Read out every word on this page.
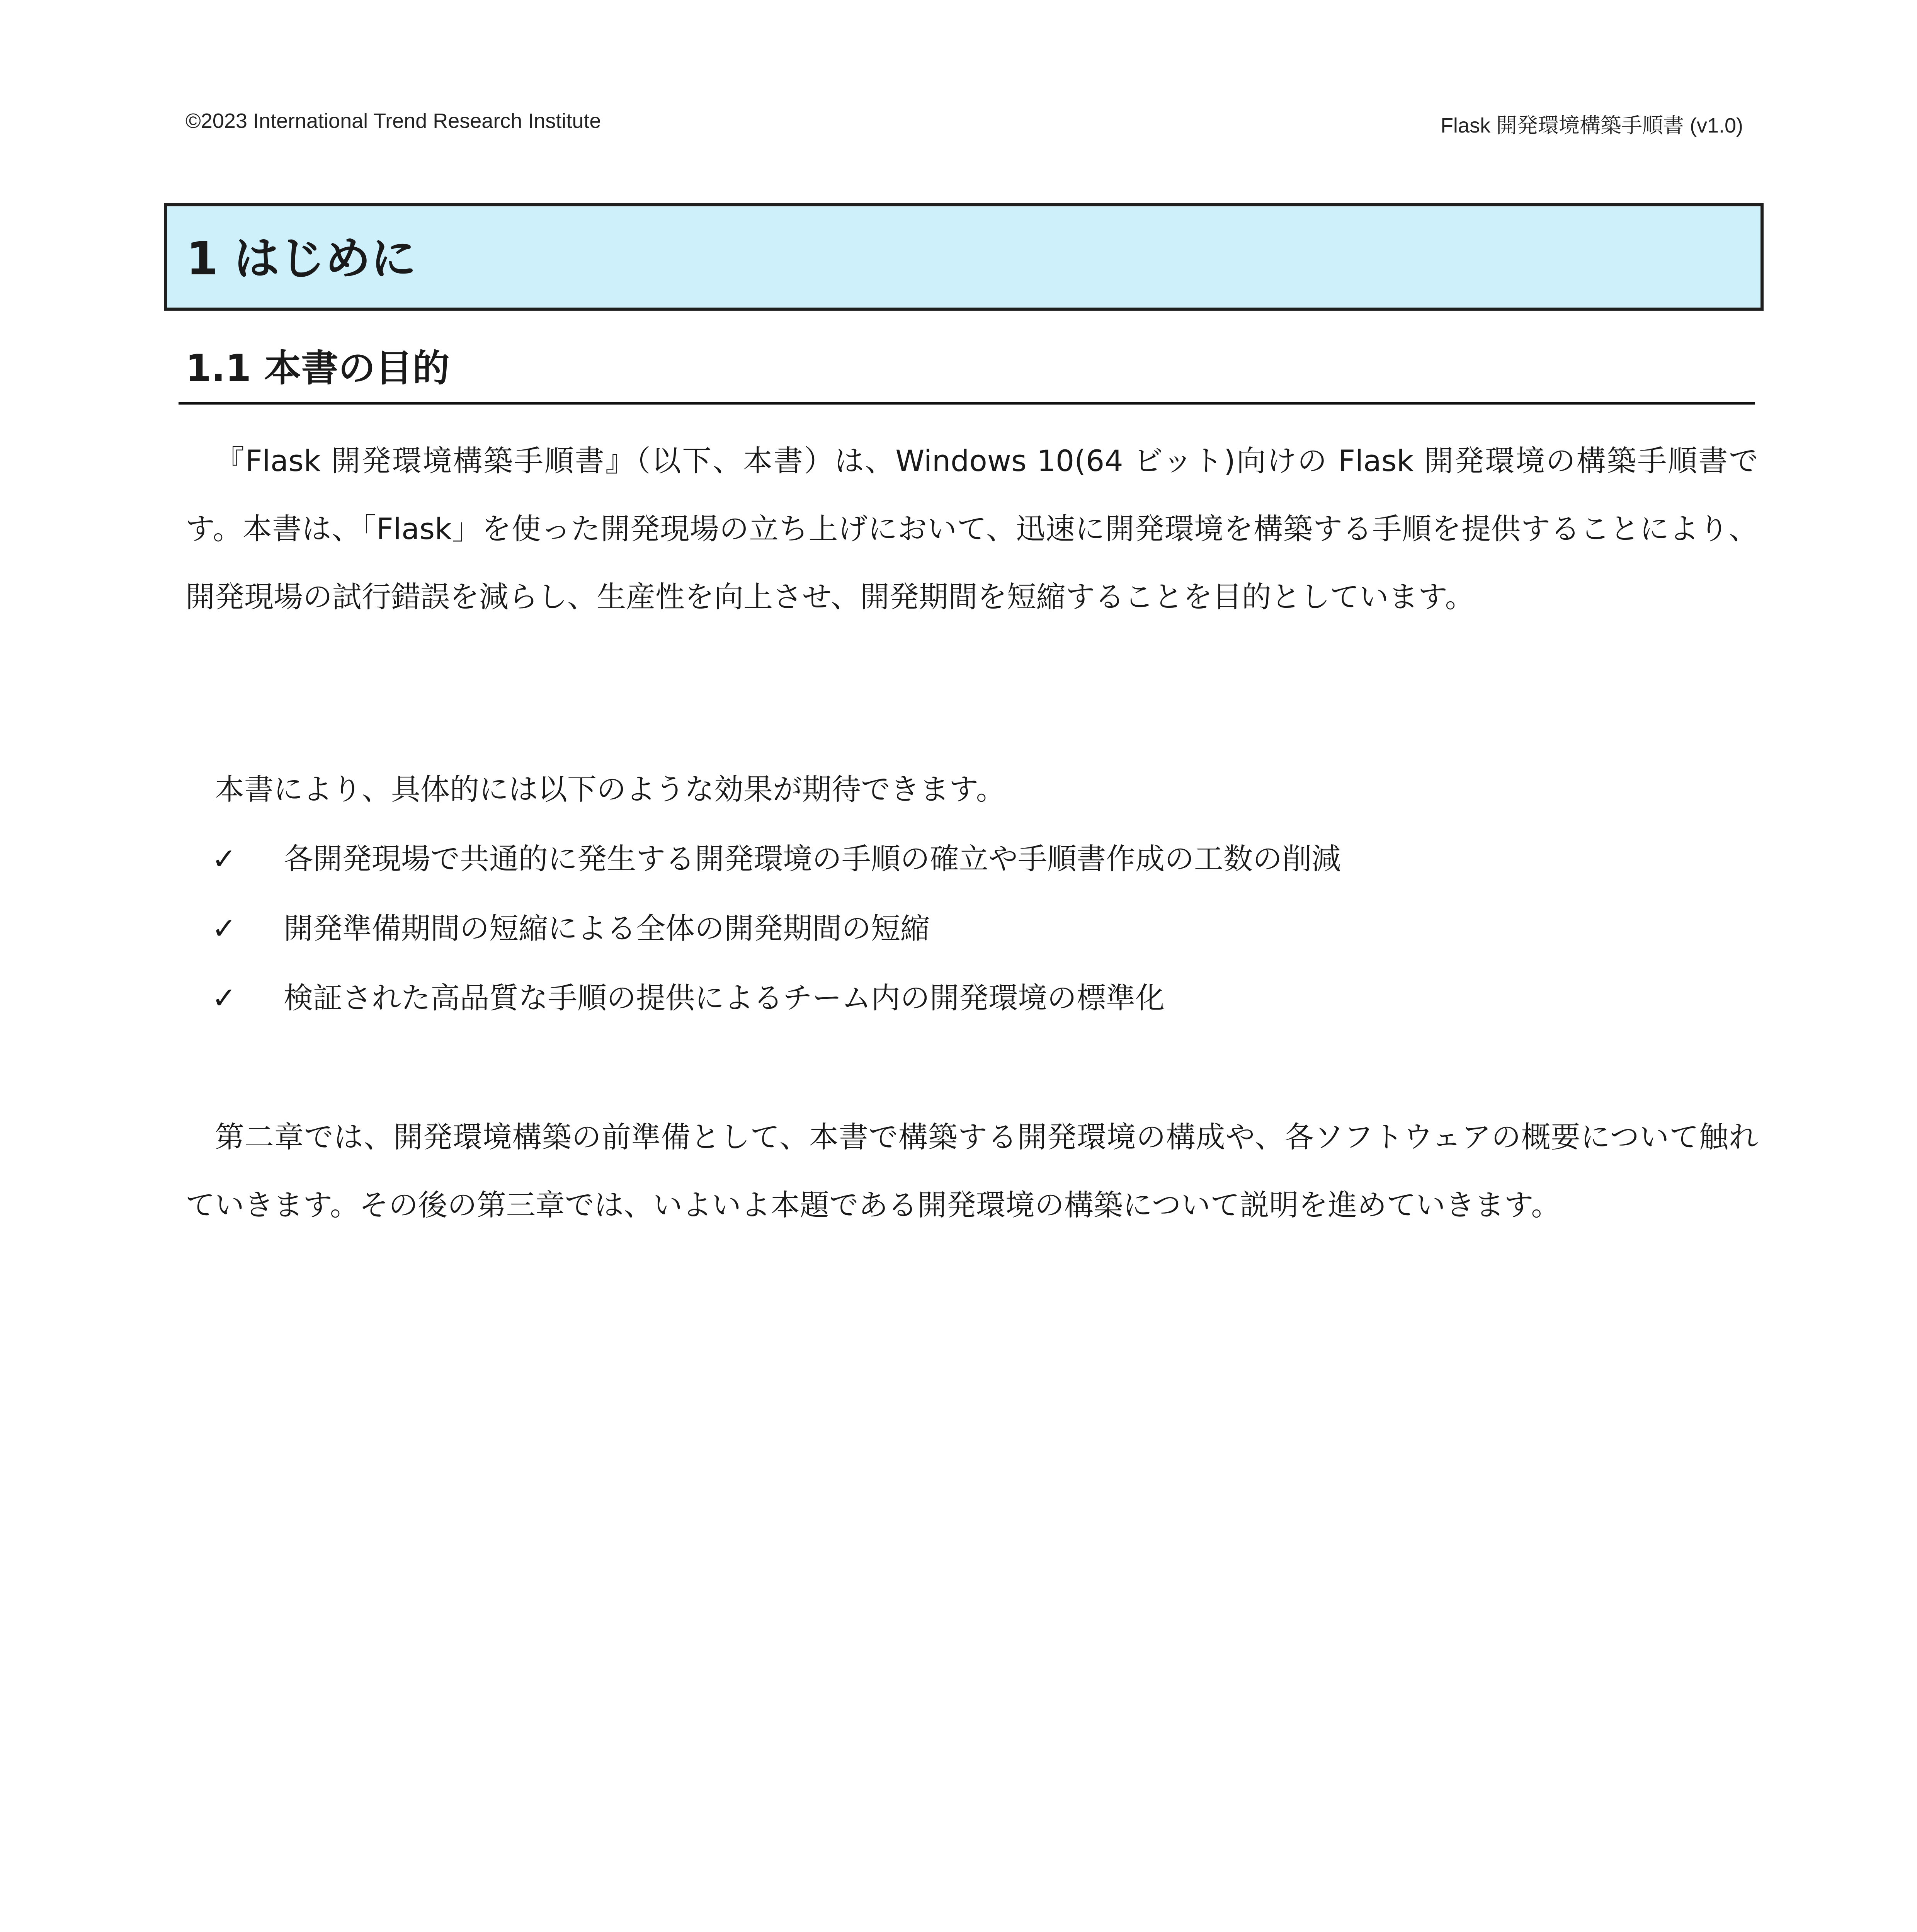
©2023 International Trend Research Institute	Flask 開発環境構築手順書 (v1.0)
1 はじめに
1.1 本書の目的

『Flask 開発環境構築手順書』（以下、本書）は、Windows 10(64 ビット)向けの Flask 開発環境の構築手順書です。本書は、「Flask」を使った開発現場の立ち上げにおいて、迅速に開発環境を構築する手順を提供することにより、開発現場の試行錯誤を減らし、生産性を向上させ、開発期間を短縮することを目的としています。

本書により、具体的には以下のような効果が期待できます。

✓ 各開発現場で共通的に発生する開発環境の手順の確立や手順書作成の工数の削減
✓ 開発準備期間の短縮による全体の開発期間の短縮
✓ 検証された高品質な手順の提供によるチーム内の開発環境の標準化

第二章では、開発環境構築の前準備として、本書で構築する開発環境の構成や、各ソフトウェアの概要について触れていきます。その後の第三章では、いよいよ本題である開発環境の構築について説明を進めていきます。
